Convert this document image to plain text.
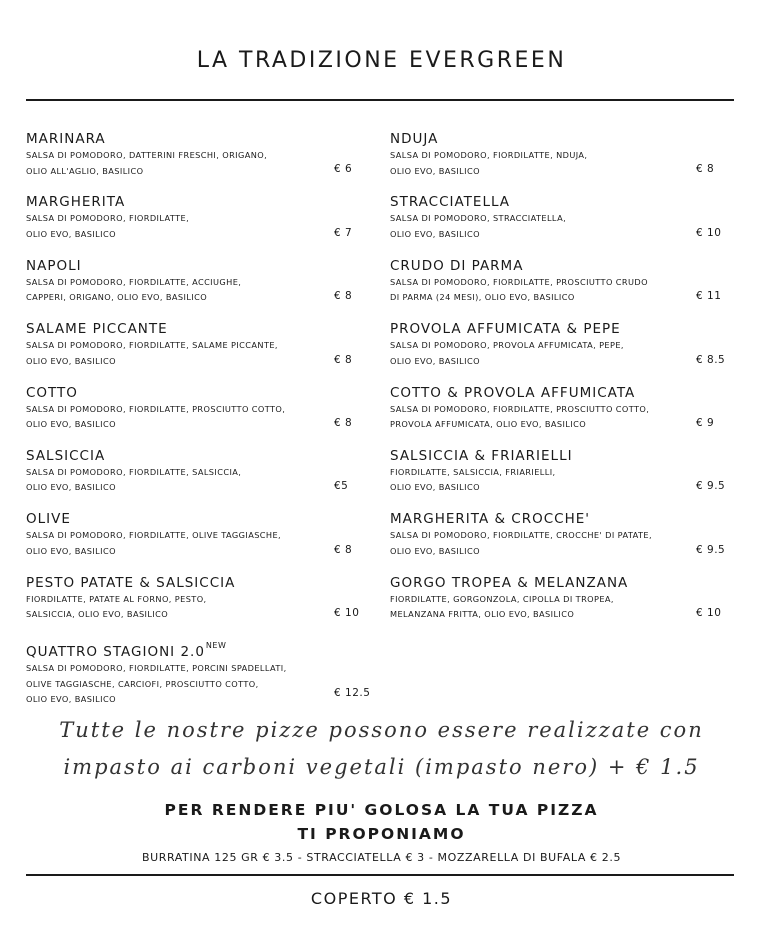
LA TRADIZIONE EVERGREEN
MARINARA
SALSA DI POMODORO, DATTERINI FRESCHI, ORIGANO,
OLIO ALL'AGLIO, BASILICO	€ 6
MARGHERITA
SALSA DI POMODORO, FIORDILATTE,
OLIO EVO, BASILICO	€ 7
NAPOLI
SALSA DI POMODORO, FIORDILATTE, ACCIUGHE,
CAPPERI, ORIGANO, OLIO EVO, BASILICO	€ 8
SALAME PICCANTE
SALSA DI POMODORO, FIORDILATTE, SALAME PICCANTE,
OLIO EVO, BASILICO	€ 8
COTTO
SALSA DI POMODORO, FIORDILATTE, PROSCIUTTO COTTO,
OLIO EVO, BASILICO	€ 8
SALSICCIA
SALSA DI POMODORO, FIORDILATTE, SALSICCIA,
OLIO EVO, BASILICO	€5
OLIVE
SALSA DI POMODORO, FIORDILATTE, OLIVE TAGGIASCHE,
OLIO EVO, BASILICO	€ 8
PESTO PATATE & SALSICCIA
FIORDILATTE, PATATE AL FORNO, PESTO,
SALSICCIA, OLIO EVO, BASILICO	€ 10
QUATTRO STAGIONI $2.0^{NEW}$
SALSA DI POMODORO, FIORDILATTE, PORCINI SPADELLATI,
OLIVE TAGGIASCHE, CARCIOFI, PROSCIUTTO COTTO,
OLIO EVO, BASILICO	€ 12.5
NDUJA
SALSA DI POMODORO, FIORDILATTE, NDUJA,
OLIO EVO, BASILICO	€ 8
STRACCIATELLA
SALSA DI POMODORO, STRACCIATELLA,
OLIO EVO, BASILICO	€ 10
CRUDO DI PARMA
SALSA DI POMODORO, FIORDILATTE, PROSCIUTTO CRUDO
DI PARMA (24 MESI), OLIO EVO, BASILICO	€ 11
PROVOLA AFFUMICATA & PEPE
SALSA DI POMODORO, PROVOLA AFFUMICATA, PEPE,
OLIO EVO, BASILICO	€ 8.5
COTTO & PROVOLA AFFUMICATA
SALSA DI POMODORO, FIORDILATTE, PROSCIUTTO COTTO,
PROVOLA AFFUMICATA, OLIO EVO, BASILICO	€ 9
SALSICCIA & FRIARIELLI
FIORDILATTE, SALSICCIA, FRIARIELLI,
OLIO EVO, BASILICO	€ 9.5
MARGHERITA & CROCCHE'
SALSA DI POMODORO, FIORDILATTE, CROCCHE' DI PATATE,
OLIO EVO, BASILICO	€ 9.5
GORGO TROPEA & MELANZANA
FIORDILATTE, GORGONZOLA, CIPOLLA DI TROPEA,
MELANZANA FRITTA, OLIO EVO, BASILICO	€ 10
Tutte le nostre pizze possono essere realizzate con
impasto ai carboni vegetali (impasto nero) + € 1.5
PER RENDERE PIU' GOLOSA LA TUA PIZZA
TI PROPONIAMO
BURRATINA 125 GR € 3.5 - STRACCIATELLA € 3 - MOZZARELLA DI BUFALA € 2.5
COPERTO € 1.5
